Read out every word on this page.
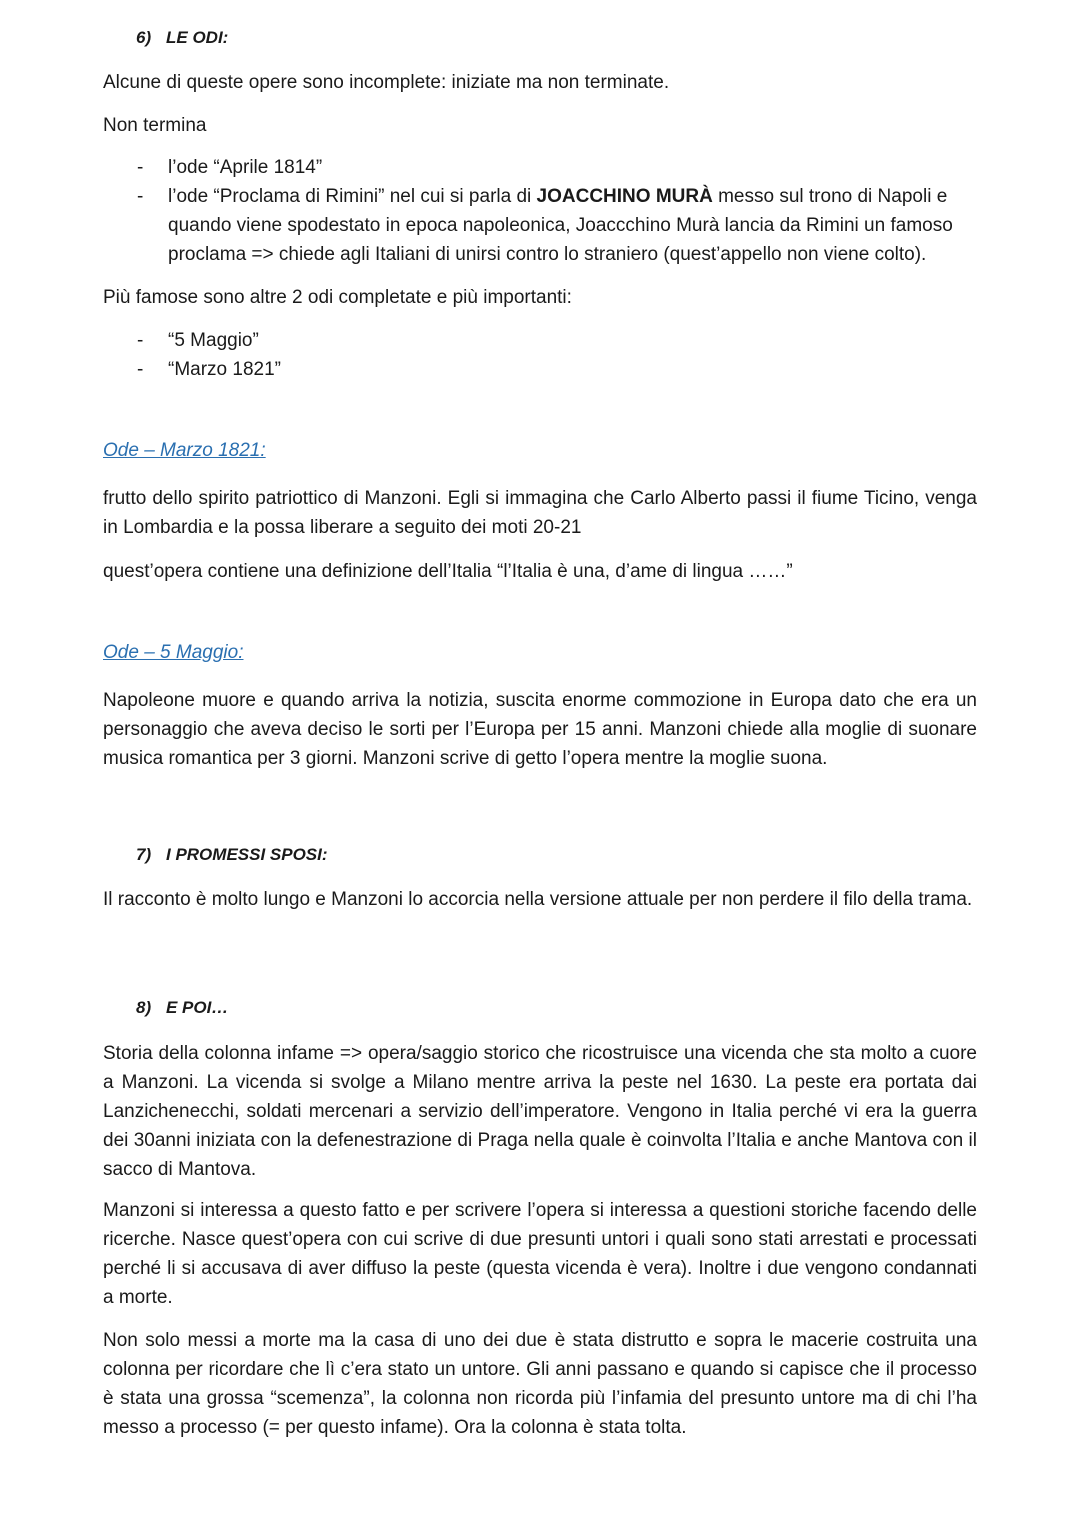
6) LE ODI:

Alcune di queste opere sono incomplete: iniziate ma non terminate.

Non termina

- l’ode “Aprile 1814”
- l’ode “Proclama di Rimini” nel cui si parla di JOACCHINO MURÀ messo sul trono di Napoli e quando viene spodestato in epoca napoleonica, Joaccchino Murà lancia da Rimini un famoso proclama => chiede agli Italiani di unirsi contro lo straniero (quest’appello non viene colto).

Più famose sono altre 2 odi completate e più importanti:

- “5 Maggio”
- “Marzo 1821”
Ode – Marzo 1821:

frutto dello spirito patriottico di Manzoni. Egli si immagina che Carlo Alberto passi il fiume Ticino, venga in Lombardia e la possa liberare a seguito dei moti 20-21

quest’opera contiene una definizione dell’Italia “l’Italia è una, d’ame di lingua ……”

Ode – 5 Maggio:

Napoleone muore e quando arriva la notizia, suscita enorme commozione in Europa dato che era un personaggio che aveva deciso le sorti per l’Europa per 15 anni. Manzoni chiede alla moglie di suonare musica romantica per 3 giorni. Manzoni scrive di getto l’opera mentre la moglie suona.

7) I PROMESSI SPOSI:

Il racconto è molto lungo e Manzoni lo accorcia nella versione attuale per non perdere il filo della trama.

8) E POI…

Storia della colonna infame => opera/saggio storico che ricostruisce una vicenda che sta molto a cuore a Manzoni. La vicenda si svolge a Milano mentre arriva la peste nel 1630. La peste era portata dai Lanzichenecchi, soldati mercenari a servizio dell’imperatore. Vengono in Italia perché vi era la guerra dei 30anni iniziata con la defenestrazione di Praga nella quale è coinvolta l’Italia e anche Mantova con il sacco di Mantova.

Manzoni si interessa a questo fatto e per scrivere l’opera si interessa a questioni storiche facendo delle ricerche. Nasce quest’opera con cui scrive di due presunti untori i quali sono stati arrestati e processati perché li si accusava di aver diffuso la peste (questa vicenda è vera). Inoltre i due vengono condannati a morte.

Non solo messi a morte ma la casa di uno dei due è stata distrutto e sopra le macerie costruita una colonna per ricordare che lì c’era stato un untore. Gli anni passano e quando si capisce che il processo è stata una grossa “scemenza”, la colonna non ricorda più l’infamia del presunto untore ma di chi l’ha messo a processo (= per questo infame). Ora la colonna è stata tolta.
